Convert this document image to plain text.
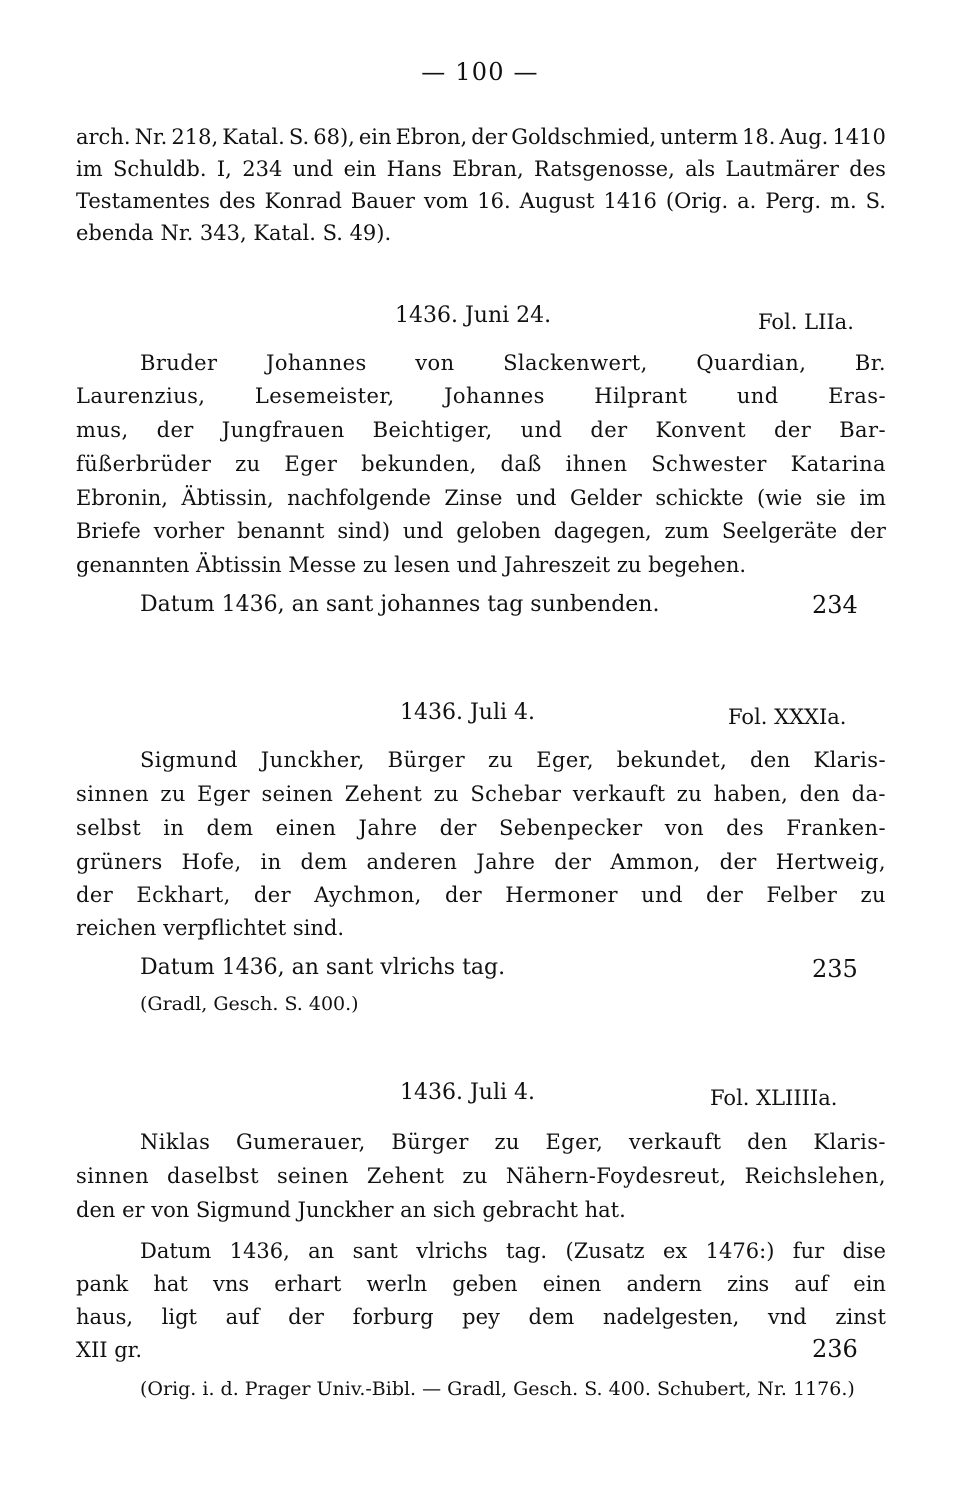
— 100 —
arch. Nr. 218, Katal. S. 68), ein Ebron, der Goldschmied, unterm 18. Aug. 1410
im Schuldb. I, 234 und ein Hans Ebran, Ratsgenosse, als Lautmärer des
Testamentes des Konrad Bauer vom 16. August 1416 (Orig. a. Perg. m. S.
ebenda Nr. 343, Katal. S. 49).
1436. Juni 24.	Fol. LIIa.
Bruder Johannes von Slackenwert, Quardian, Br.
Laurenzius, Lesemeister, Johannes Hilprant und Eras-
mus, der Jungfrauen Beichtiger, und der Konvent der Bar-
füßerbrüder zu Eger bekunden, daß ihnen Schwester Katarina
Ebronin, Äbtissin, nachfolgende Zinse und Gelder schickte (wie sie im
Briefe vorher benannt sind) und geloben dagegen, zum Seelgeräte der
genannten Äbtissin Messe zu lesen und Jahreszeit zu begehen.
Datum 1436, an sant johannes tag sunbenden.	234
1436. Juli 4.	Fol. XXXIa.
Sigmund Junckher, Bürger zu Eger, bekundet, den Klaris-
sinnen zu Eger seinen Zehent zu Schebar verkauft zu haben, den da-
selbst in dem einen Jahre der Sebenpecker von des Franken-
grüners Hofe, in dem anderen Jahre der Ammon, der Hertweig,
der Eckhart, der Aychmon, der Hermoner und der Felber zu
reichen verpflichtet sind.
Datum 1436, an sant vlrichs tag.	235
(Gradl, Gesch. S. 400.)
1436. Juli 4.	Fol. XLIIIIa.
Niklas Gumerauer, Bürger zu Eger, verkauft den Klaris-
sinnen daselbst seinen Zehent zu Nähern-Foydesreut, Reichslehen,
den er von Sigmund Junckher an sich gebracht hat.
Datum 1436, an sant vlrichs tag. (Zusatz ex 1476:) fur dise
pank hat vns erhart werln geben einen andern zins auf ein
haus, ligt auf der forburg pey dem nadelgesten, vnd zinst
XII gr.	236
(Orig. i. d. Prager Univ.-Bibl. — Gradl, Gesch. S. 400. Schubert, Nr. 1176.)
